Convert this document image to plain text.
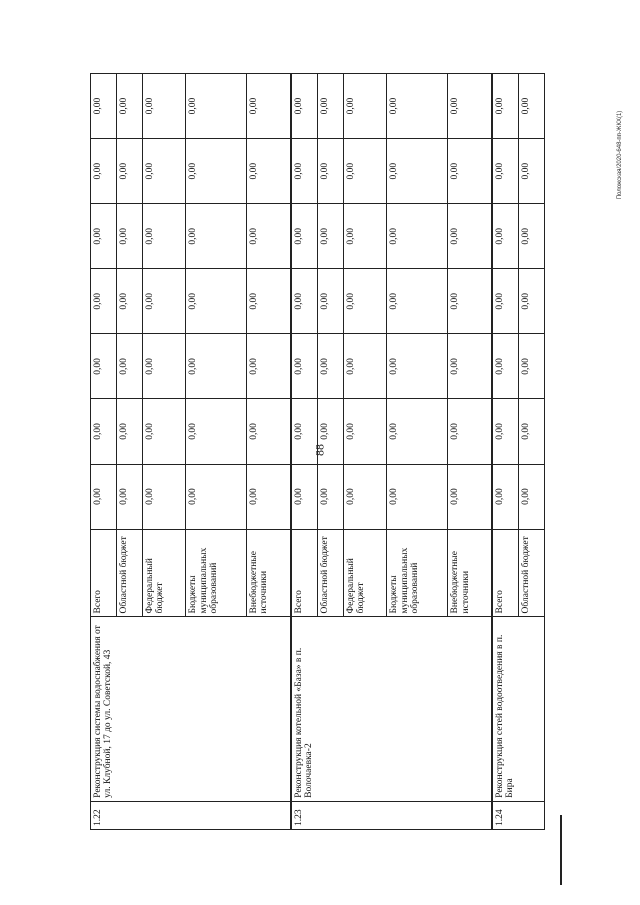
88
Положская/2020-648-пп-ЖКХ(1)
1.22	Реконструкция системы водоснабжения от ул. Клубной, 17 до ул. Советской, 43	Всего	0,00	0,00	0,00	0,00	0,00	0,00	0,00
		Областной бюджет	0,00	0,00	0,00	0,00	0,00	0,00	0,00
		Федеральный бюджет	0,00	0,00	0,00	0,00	0,00	0,00	0,00
		Бюджеты муниципальных образований	0,00	0,00	0,00	0,00	0,00	0,00	0,00
		Внебюджетные источники	0,00	0,00	0,00	0,00	0,00	0,00	0,00
1.23	Реконструкция котельной «База» в п. Волочаевка-2	Всего	0,00	0,00	0,00	0,00	0,00	0,00	0,00
		Областной бюджет	0,00	0,00	0,00	0,00	0,00	0,00	0,00
		Федеральный бюджет	0,00	0,00	0,00	0,00	0,00	0,00	0,00
		Бюджеты муниципальных образований	0,00	0,00	0,00	0,00	0,00	0,00	0,00
		Внебюджетные источники	0,00	0,00	0,00	0,00	0,00	0,00	0,00
1.24	Реконструкция сетей водоотведения в п. Бира	Всего	0,00	0,00	0,00	0,00	0,00	0,00	0,00
		Областной бюджет	0,00	0,00	0,00	0,00	0,00	0,00	0,00
